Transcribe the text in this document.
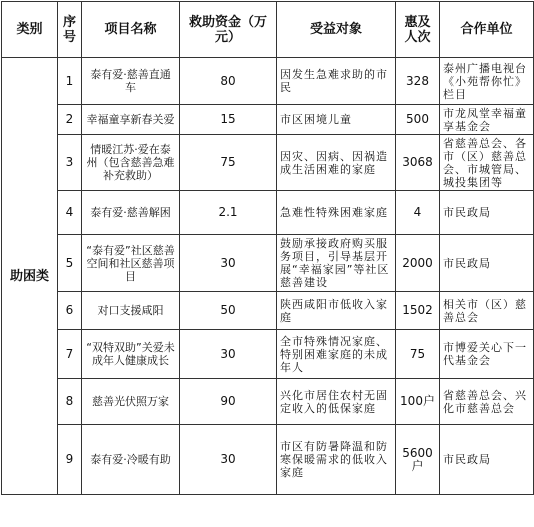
类别	序号	项目名称	救助资金（万元）	受益对象	惠及人次	合作单位
助困类	1	泰有爱·慈善直通车	80	因发生急难求助的市民	328	泰州广播电视台《小苑帮你忙》栏目
	2	幸福童享新春关爱	15	市区困境儿童	500	市龙凤堂幸福童享基金会
	3	情暖江苏·爱在泰州（包含慈善急难补充救助）	75	因灾、因病、因祸造成生活困难的家庭	3068	省慈善总会、各市（区）慈善总会、市城管局、城投集团等
	4	泰有爱·慈善解困	2.1	急难性特殊困难家庭	4	市民政局
	5	“泰有爱”社区慈善空间和社区慈善项目	30	鼓励承接政府购买服务项目，引导基层开展“幸福家园”等社区慈善建设	2000	市民政局
	6	对口支援咸阳	50	陕西咸阳市低收入家庭	1502	相关市（区）慈善总会
	7	“双特双助”关爱未成年人健康成长	30	全市特殊情况家庭、特别困难家庭的未成年人	75	市博爱关心下一代基金会
	8	慈善光伏照万家	90	兴化市居住农村无固定收入的低保家庭	100户	省慈善总会、兴化市慈善总会
	9	泰有爱·冷暖有助	30	市区有防暑降温和防寒保暖需求的低收入家庭	5600户	市民政局
